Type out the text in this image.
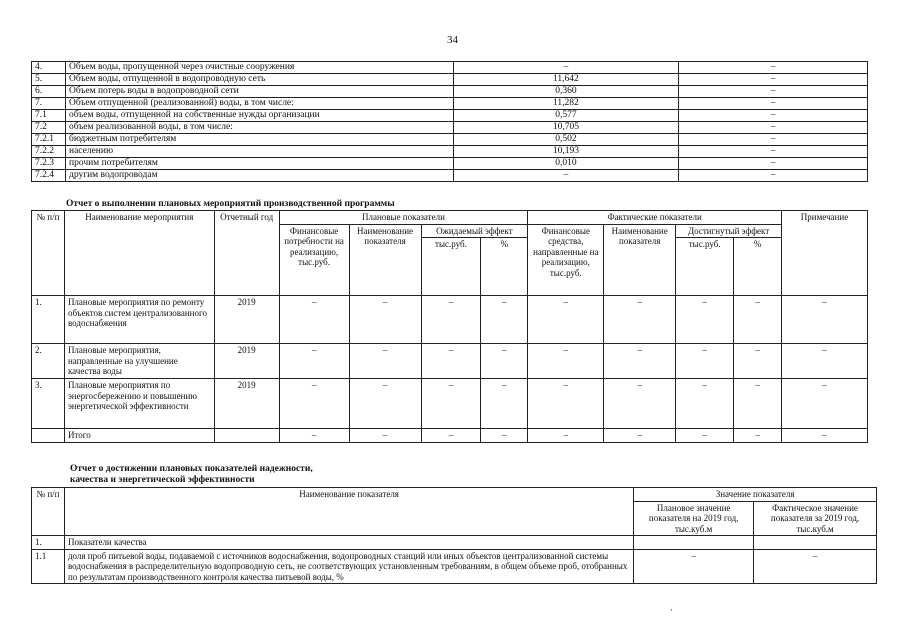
34
4.	Объем воды, пропущенной через очистные сооружения	–	–
5.	Объем воды, отпущенной в водопроводную сеть	11,642	–
6.	Объем потерь воды в водопроводной сети	0,360	–
7.	Объем отпущенной (реализованной) воды, в том числе:	11,282	–
7.1	объем воды, отпущенной на собственные нужды организации	0,577	–
7.2	объем реализованной воды, в том числе:	10,705	–
7.2.1	бюджетным потребителям	0,502	–
7.2.2	населению	10,193	–
7.2.3	прочим потребителям	0,010	–
7.2.4	другим водопроводам	–	–
Отчет о выполнении плановых мероприятий производственной программы
№ п/п	Наименование мероприятия	Отчетный год	Плановые показатели				Фактические показатели				Примечание
			Финансовые потребности на реализацию, тыс.руб.	Наименование показателя	Ожидаемый эффект		Финансовые средства, направленные на реализацию, тыс.руб.	Наименование показателя	Достигнутый эффект		
					тыс.руб.	%			тыс.руб.	%	
1.	Плановые мероприятия по ремонту объектов систем централизованного водоснабжения	2019	–	–	–	–	–	–	–	–	–
2.	Плановые мероприятия, направленные на улучшение качества воды	2019	–	–	–	–	–	–	–	–	–
3.	Плановые мероприятия по энергосбережению и повышению энергетической эффективности	2019	–	–	–	–	–	–	–	–	–
	Итого		–	–	–	–	–	–	–	–	–
Отчет о достижении плановых показателей надежности,
качества и энергетической эффективности
№ п/п	Наименование показателя	Значение показателя	
		Плановое значение показателя на 2019 год, тыс.куб.м	Фактическое значение показателя за 2019 год, тыс.куб.м
1.	Показатели качества		
1.1	доля проб питьевой воды, подаваемой с источников водоснабжения, водопроводных станций или иных объектов централизованной системы водоснабжения в распределительную водопроводную сеть, не соответствующих установленным требованиям, в общем объеме проб, отобранных по результатам производственного контроля качества питьевой воды, %	–	–
·
